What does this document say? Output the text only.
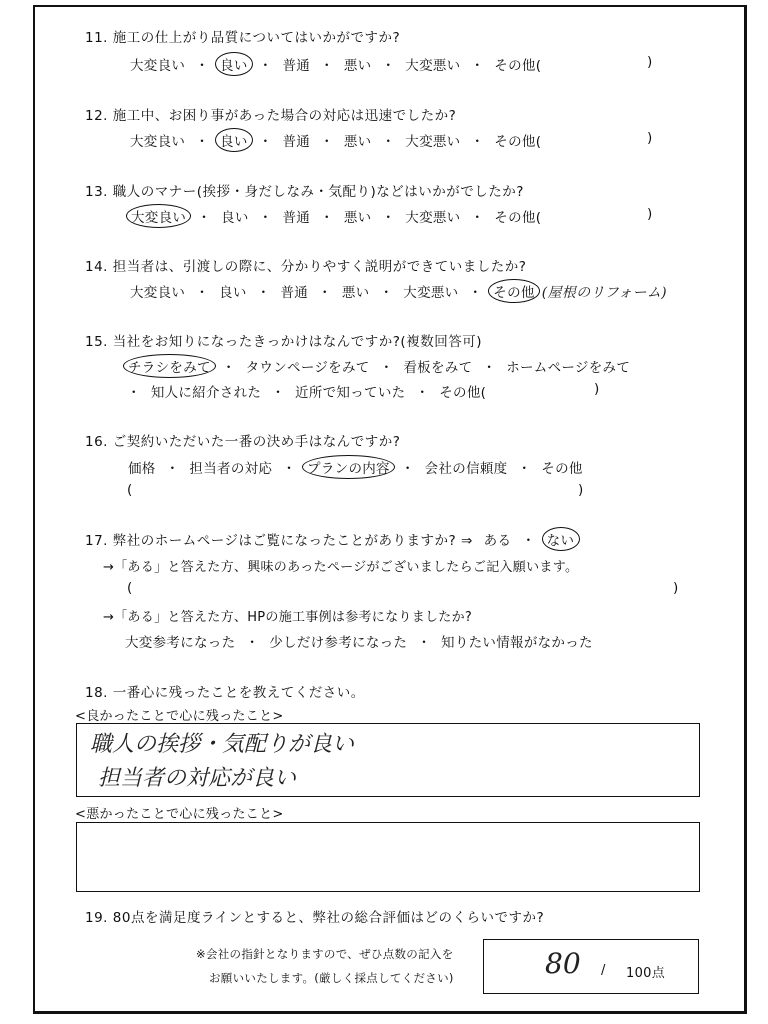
11. 施工の仕上がり品質についてはいかがですか?
大変良い ・ 良い ・ 普通 ・ 悪い ・ 大変悪い ・ その他(	)
12. 施工中、お困り事があった場合の対応は迅速でしたか?
大変良い ・ 良い ・ 普通 ・ 悪い ・ 大変悪い ・ その他(	)
13. 職人のマナー(挨拶・身だしなみ・気配り)などはいかがでしたか?
大変良い ・ 良い ・ 普通 ・ 悪い ・ 大変悪い ・ その他(	)
14. 担当者は、引渡しの際に、分かりやすく説明ができていましたか?
大変良い ・ 良い ・ 普通 ・ 悪い ・ 大変悪い ・ その他 (屋根のリフォーム)
15. 当社をお知りになったきっかけはなんですか?(複数回答可)
チラシをみて ・ タウンページをみて ・ 看板をみて ・ ホームページをみて
・ 知人に紹介された ・ 近所で知っていた ・ その他(	)
16. ご契約いただいた一番の決め手はなんですか?
価格 ・ 担当者の対応 ・ プランの内容 ・ 会社の信頼度 ・ その他
(	)
17. 弊社のホームページはご覧になったことがありますか? ⇒ ある ・ ない
→「ある」と答えた方、興味のあったページがございましたらご記入願います。
(	)
→「ある」と答えた方、HPの施工事例は参考になりましたか?
大変参考になった ・ 少しだけ参考になった ・ 知りたい情報がなかった
18. 一番心に残ったことを教えてください。
<良かったことで心に残ったこと>
職人の挨拶・気配りが良い
担当者の対応が良い
<悪かったことで心に残ったこと>
19. 80点を満足度ラインとすると、弊社の総合評価はどのくらいですか?
※会社の指針となりますので、ぜひ点数の記入を
お願いいたします。(厳しく採点してください)	80 / 100点
